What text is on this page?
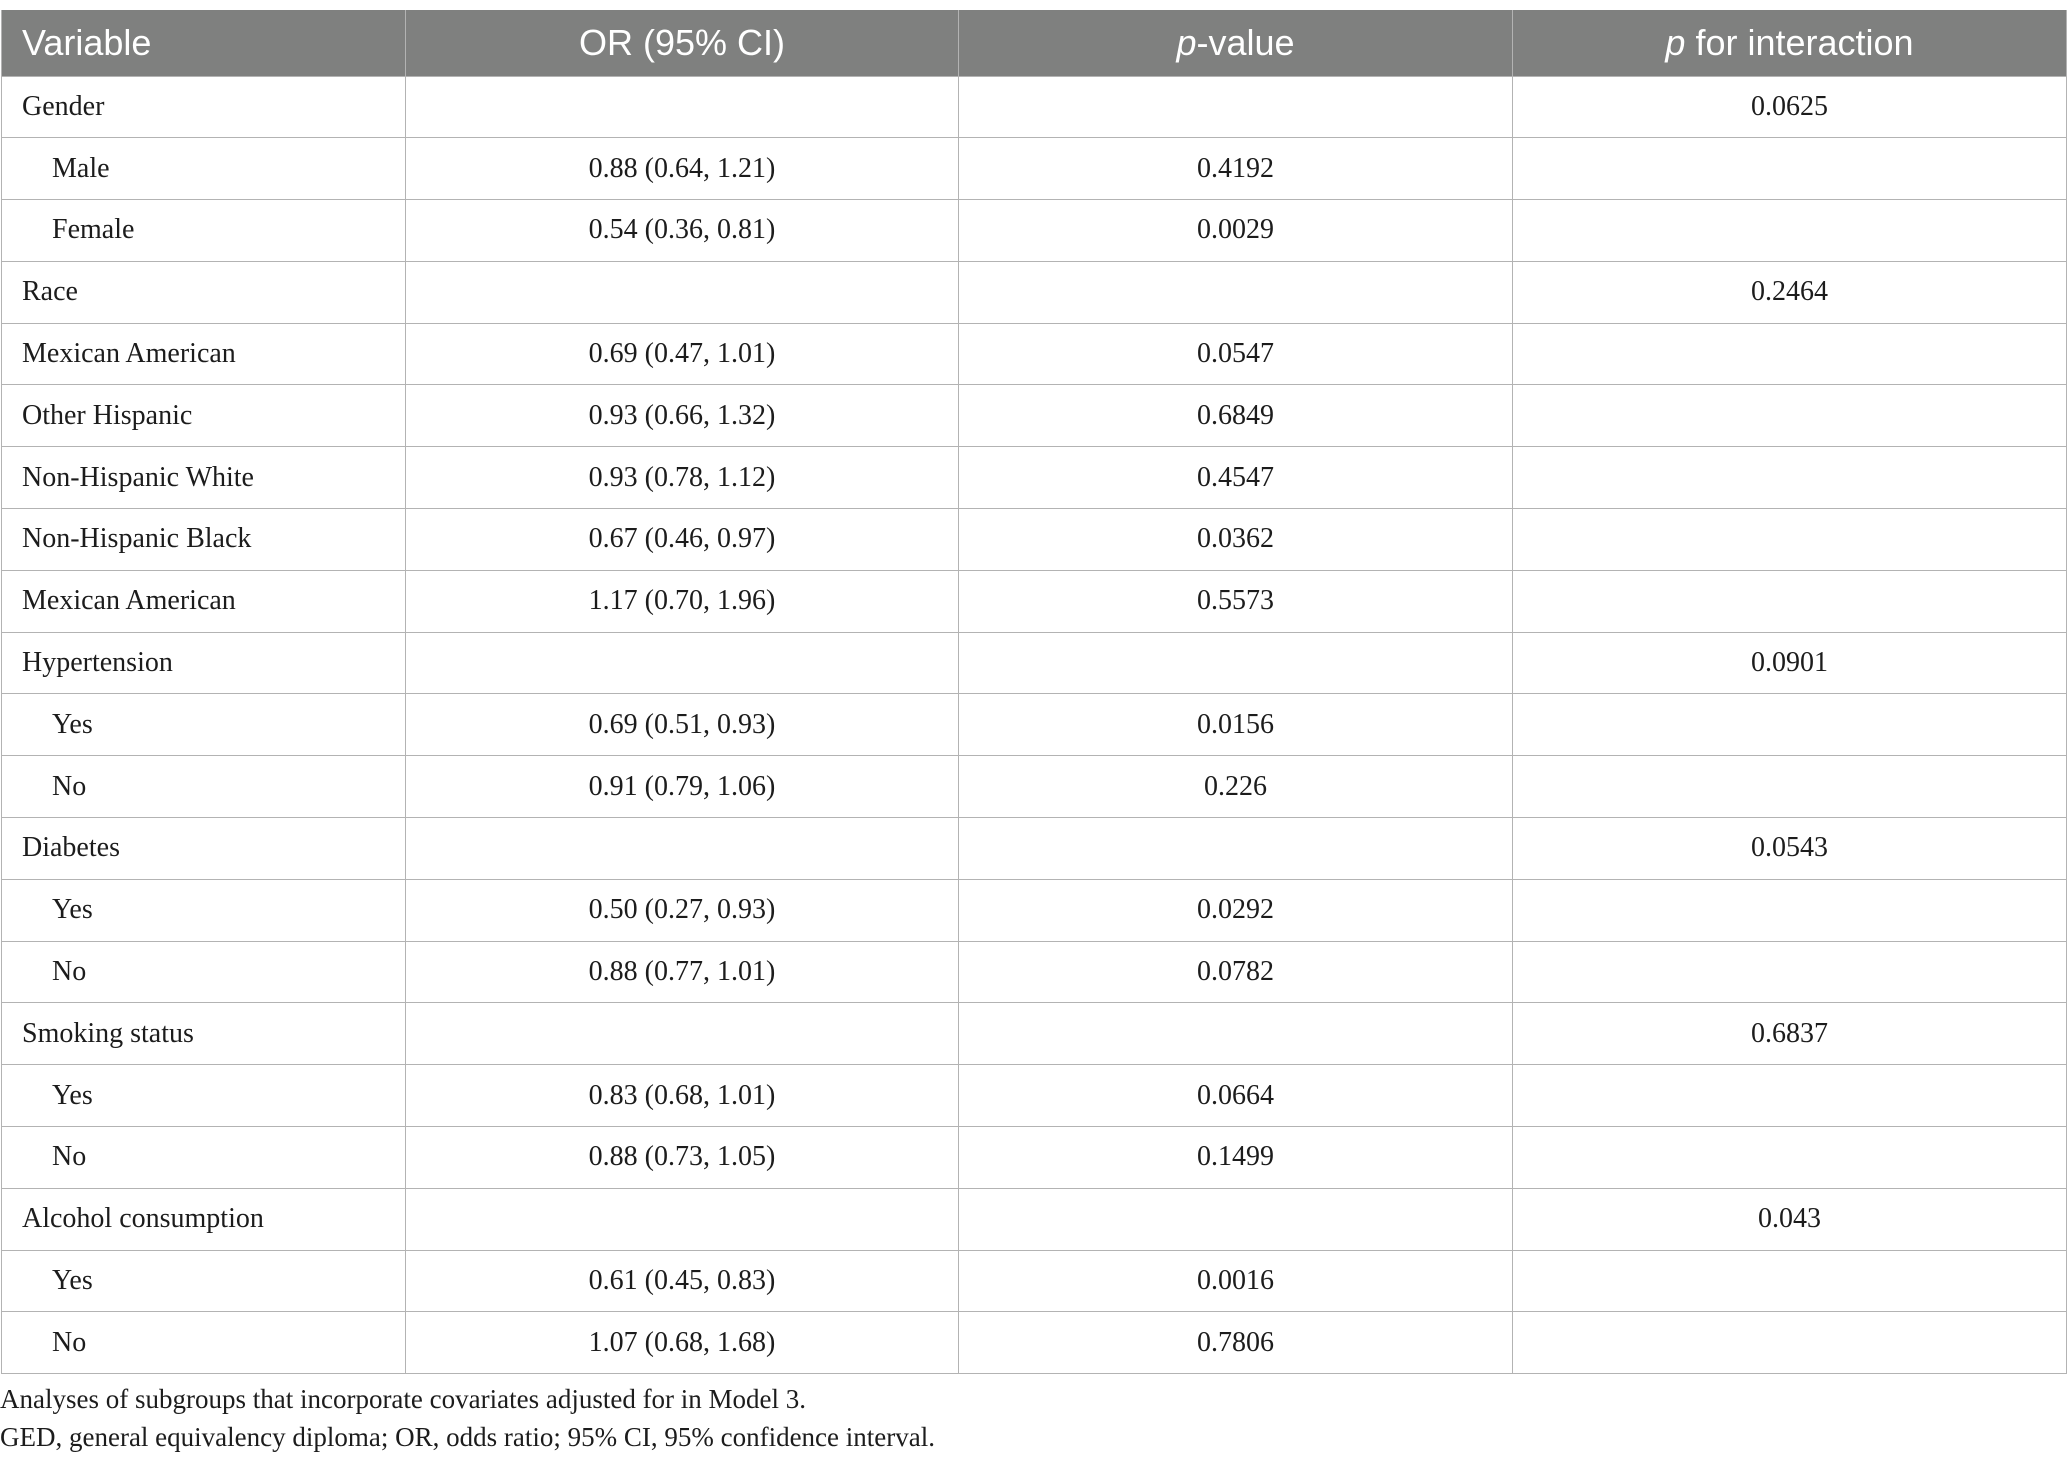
Variable	OR (95% CI)	p-value	p for interaction
Gender			0.0625
Male	0.88 (0.64, 1.21)	0.4192	
Female	0.54 (0.36, 0.81)	0.0029	
Race			0.2464
Mexican American	0.69 (0.47, 1.01)	0.0547	
Other Hispanic	0.93 (0.66, 1.32)	0.6849	
Non-Hispanic White	0.93 (0.78, 1.12)	0.4547	
Non-Hispanic Black	0.67 (0.46, 0.97)	0.0362	
Mexican American	1.17 (0.70, 1.96)	0.5573	
Hypertension			0.0901
Yes	0.69 (0.51, 0.93)	0.0156	
No	0.91 (0.79, 1.06)	0.226	
Diabetes			0.0543
Yes	0.50 (0.27, 0.93)	0.0292	
No	0.88 (0.77, 1.01)	0.0782	
Smoking status			0.6837
Yes	0.83 (0.68, 1.01)	0.0664	
No	0.88 (0.73, 1.05)	0.1499	
Alcohol consumption			0.043
Yes	0.61 (0.45, 0.83)	0.0016	
No	1.07 (0.68, 1.68)	0.7806	
Analyses of subgroups that incorporate covariates adjusted for in Model 3.
GED, general equivalency diploma; OR, odds ratio; 95% CI, 95% confidence interval.
